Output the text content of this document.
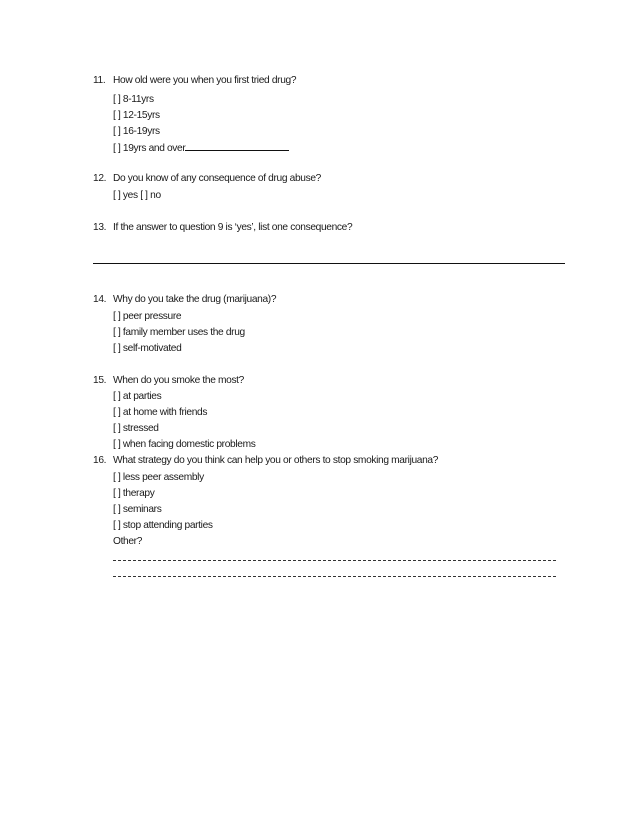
11. How old were you when you first tried drug?
[ ] 8-11yrs
[ ] 12-15yrs
[ ] 16-19yrs
[ ] 19yrs and over
12. Do you know of any consequence of drug abuse?
[ ] yes [ ] no
13. If the answer to question 9 is ‘yes’, list one consequence?
14. Why do you take the drug (marijuana)?
[ ] peer pressure
[ ] family member uses the drug
[ ] self-motivated
15. When do you smoke the most?
[ ] at parties
[ ] at home with friends
[ ] stressed
[ ] when facing domestic problems
16. What strategy do you think can help you or others to stop smoking marijuana?
[ ] less peer assembly
[ ] therapy
[ ] seminars
[ ] stop attending parties
Other?
